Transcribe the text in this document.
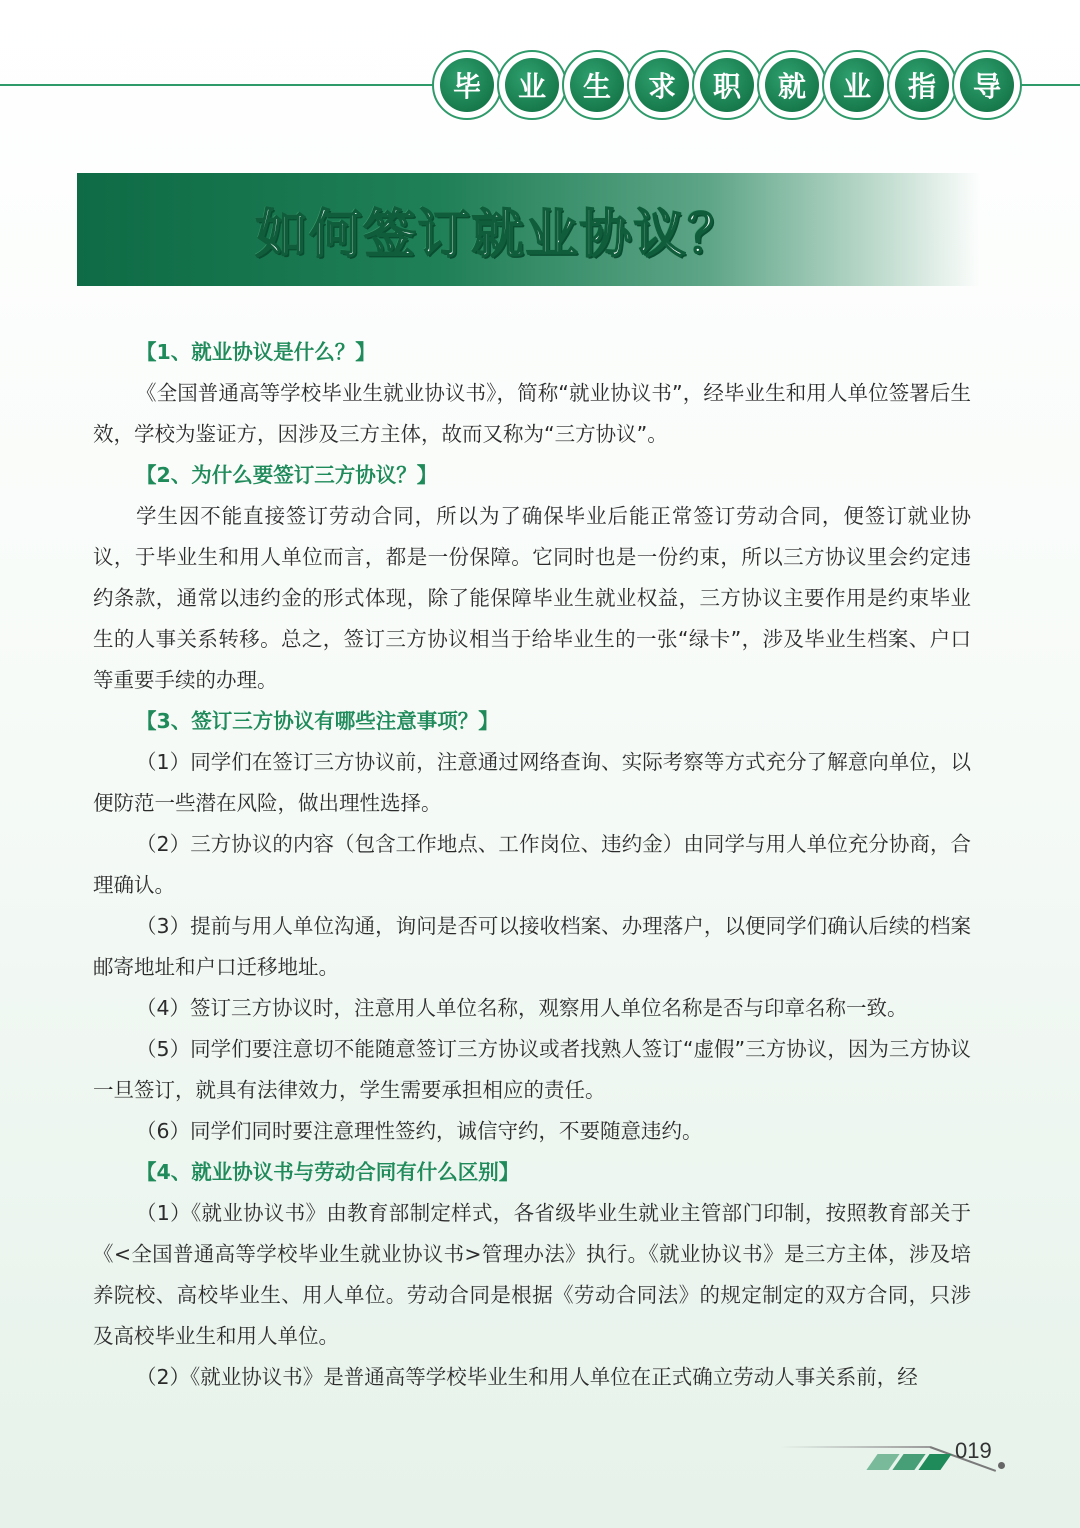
毕	业	生	求	职	就	业	指	导
如何签订就业协议？

【1、就业协议是什么？】

《全国普通高等学校毕业生就业协议书》，简称“就业协议书”，经毕业生和用人单位签署后生效，学校为鉴证方，因涉及三方主体，故而又称为“三方协议”。

【2、为什么要签订三方协议？】

学生因不能直接签订劳动合同，所以为了确保毕业后能正常签订劳动合同，便签订就业协议，于毕业生和用人单位而言，都是一份保障。它同时也是一份约束，所以三方协议里会约定违约条款，通常以违约金的形式体现，除了能保障毕业生就业权益，三方协议主要作用是约束毕业生的人事关系转移。总之，签订三方协议相当于给毕业生的一张“绿卡”，涉及毕业生档案、户口等重要手续的办理。

【3、签订三方协议有哪些注意事项？】

（1）同学们在签订三方协议前，注意通过网络查询、实际考察等方式充分了解意向单位，以便防范一些潜在风险，做出理性选择。

（2）三方协议的内容（包含工作地点、工作岗位、违约金）由同学与用人单位充分协商，合理确认。

（3）提前与用人单位沟通，询问是否可以接收档案、办理落户，以便同学们确认后续的档案邮寄地址和户口迁移地址。

（4）签订三方协议时，注意用人单位名称，观察用人单位名称是否与印章名称一致。

（5）同学们要注意切不能随意签订三方协议或者找熟人签订“虚假”三方协议，因为三方协议一旦签订，就具有法律效力，学生需要承担相应的责任。

（6）同学们同时要注意理性签约，诚信守约，不要随意违约。

【4、就业协议书与劳动合同有什么区别】

（1）《就业协议书》由教育部制定样式，各省级毕业生就业主管部门印制，按照教育部关于《<全国普通高等学校毕业生就业协议书>管理办法》执行。《就业协议书》是三方主体，涉及培养院校、高校毕业生、用人单位。劳动合同是根据《劳动合同法》的规定制定的双方合同，只涉及高校毕业生和用人单位。

（2）《就业协议书》是普通高等学校毕业生和用人单位在正式确立劳动人事关系前，经

019
